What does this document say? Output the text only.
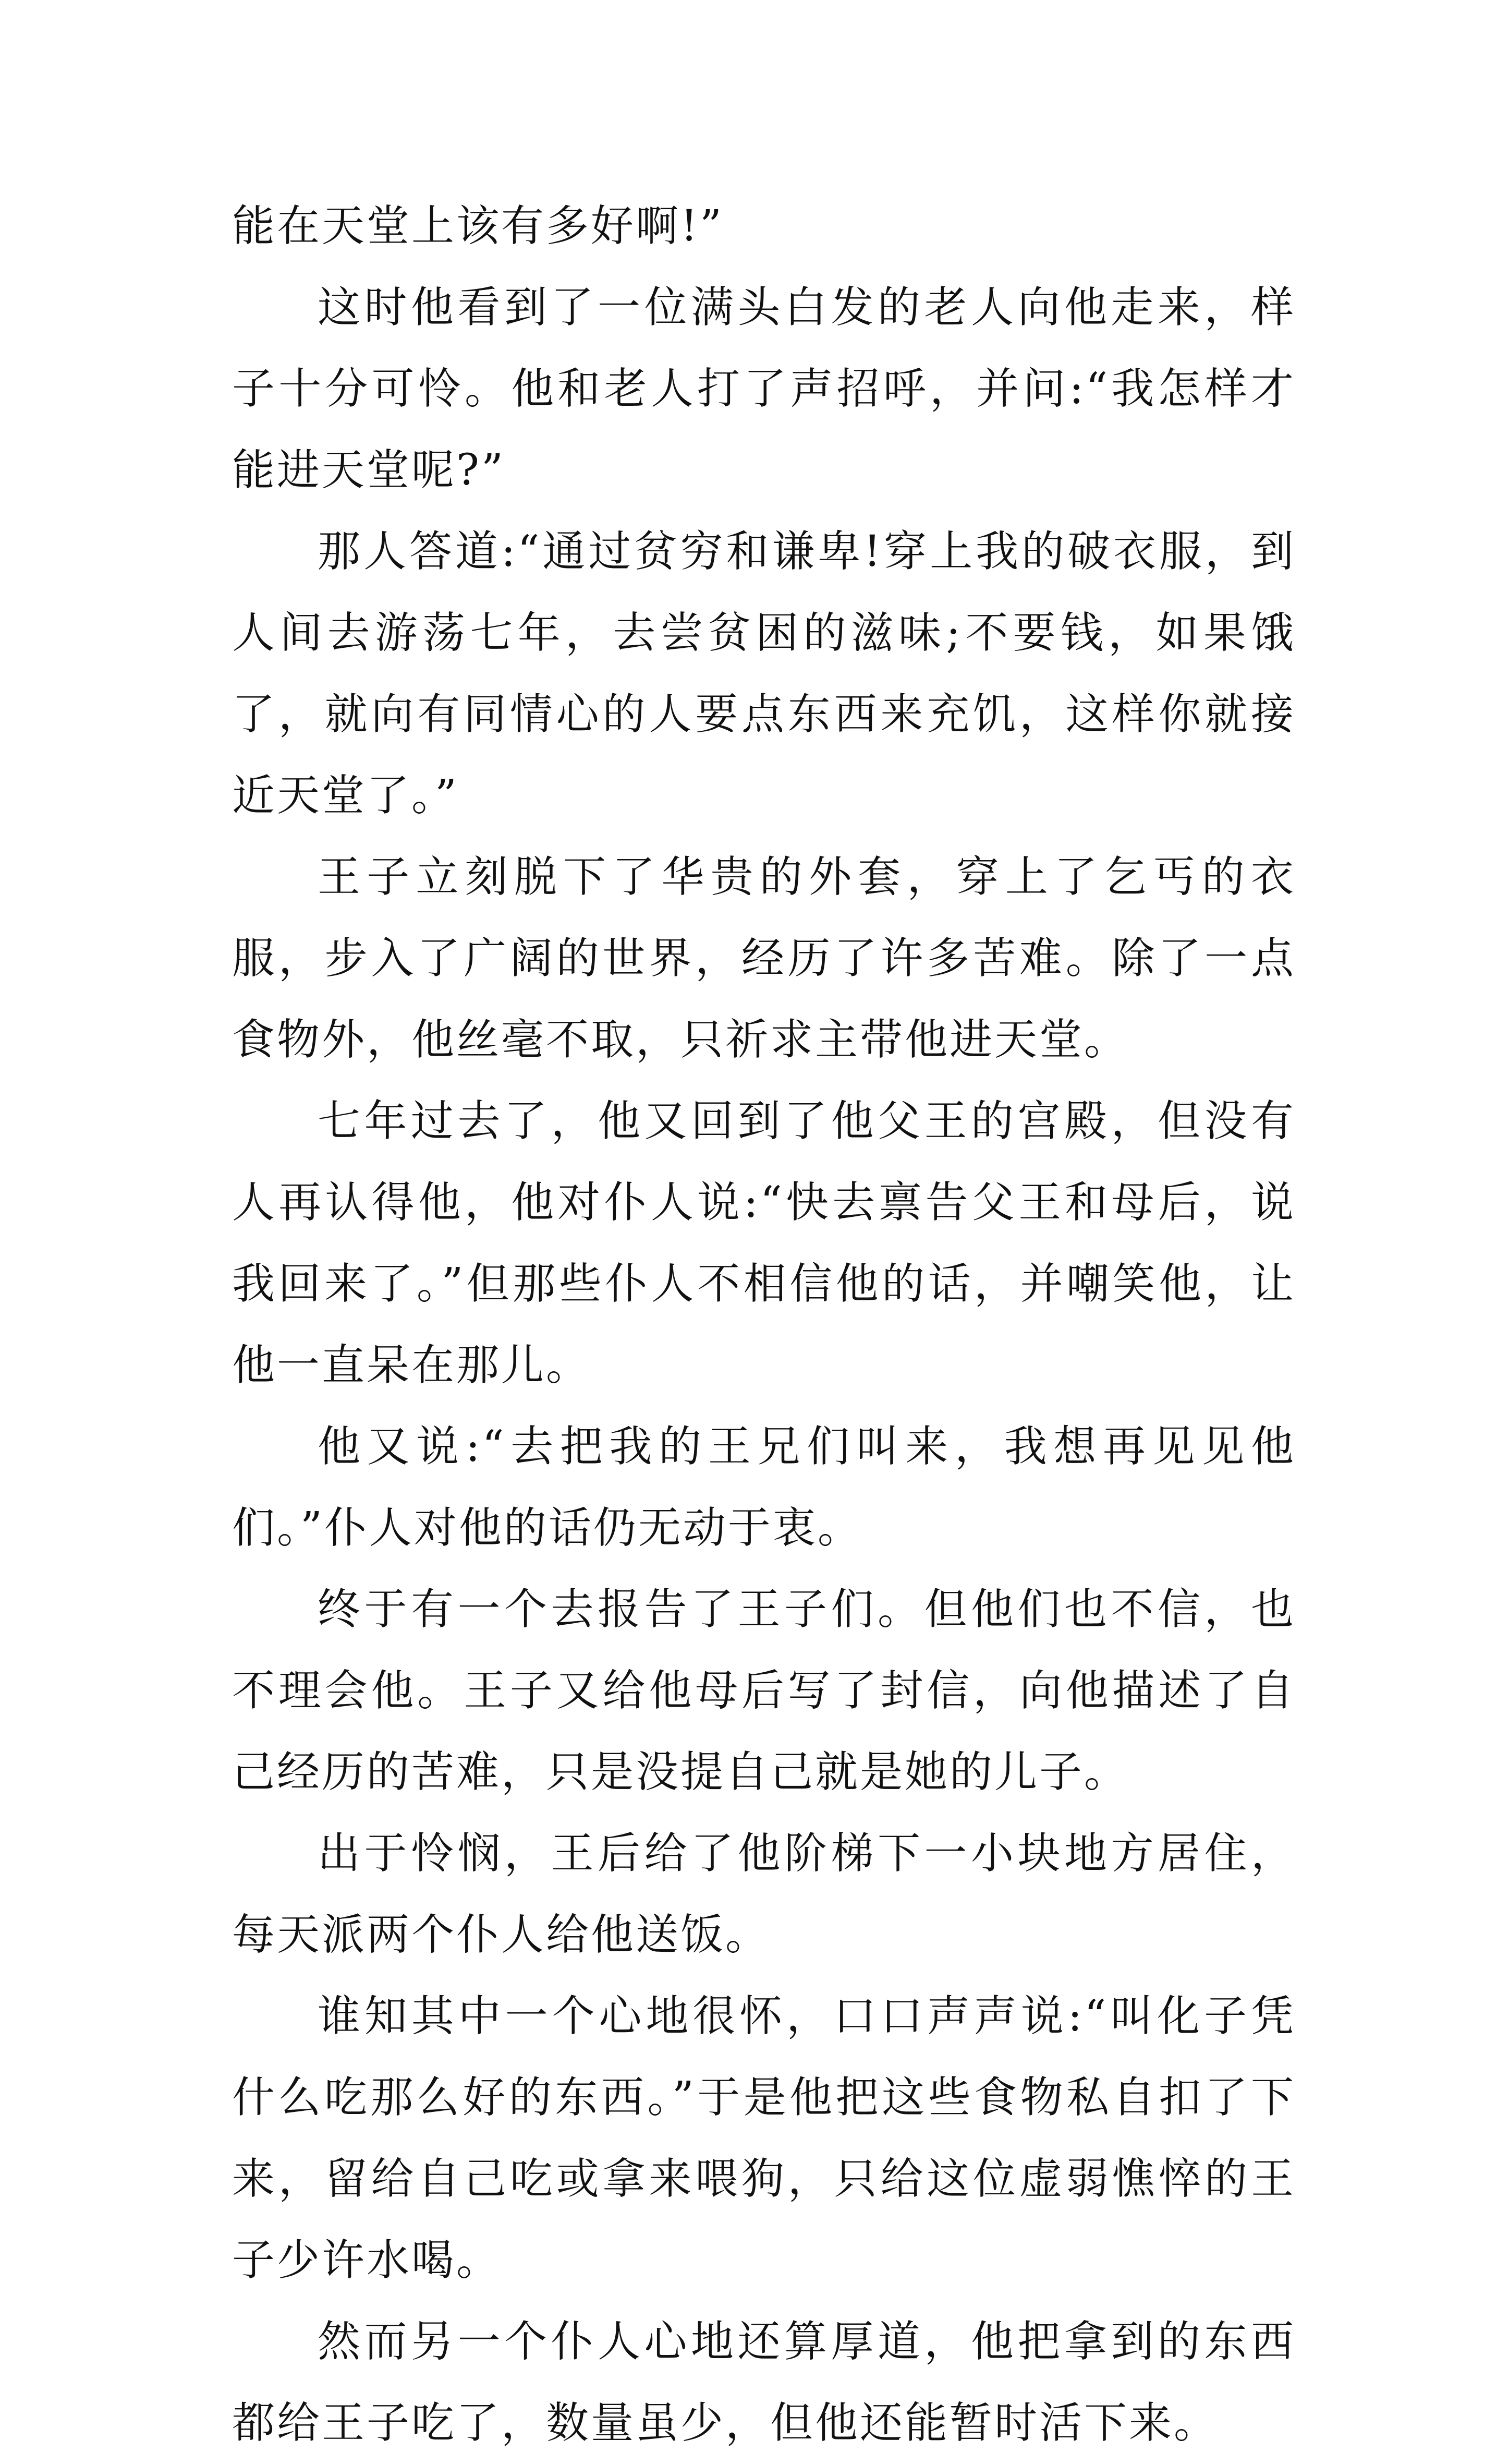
能在天堂上该有多好啊!”

这时他看到了一位满头白发的老人向他走来，样子十分可怜。他和老人打了声招呼，并问:“我怎样才能进天堂呢?”

那人答道:“通过贫穷和谦卑!穿上我的破衣服，到人间去游荡七年，去尝贫困的滋味;不要钱，如果饿了，就向有同情心的人要点东西来充饥，这样你就接近天堂了。”

王子立刻脱下了华贵的外套，穿上了乞丐的衣服，步入了广阔的世界，经历了许多苦难。除了一点食物外，他丝毫不取，只祈求主带他进天堂。

七年过去了，他又回到了他父王的宫殿，但没有人再认得他，他对仆人说:“快去禀告父王和母后，说我回来了。”但那些仆人不相信他的话，并嘲笑他，让他一直呆在那儿。

他又说:“去把我的王兄们叫来，我想再见见他们。”仆人对他的话仍无动于衷。

终于有一个去报告了王子们。但他们也不信，也不理会他。王子又给他母后写了封信，向他描述了自己经历的苦难，只是没提自己就是她的儿子。

出于怜悯，王后给了他阶梯下一小块地方居住，每天派两个仆人给他送饭。

谁知其中一个心地很怀，口口声声说:“叫化子凭什么吃那么好的东西。”于是他把这些食物私自扣了下来，留给自己吃或拿来喂狗，只给这位虚弱憔悴的王子少许水喝。

然而另一个仆人心地还算厚道，他把拿到的东西都给王子吃了，数量虽少，但他还能暂时活下来。
